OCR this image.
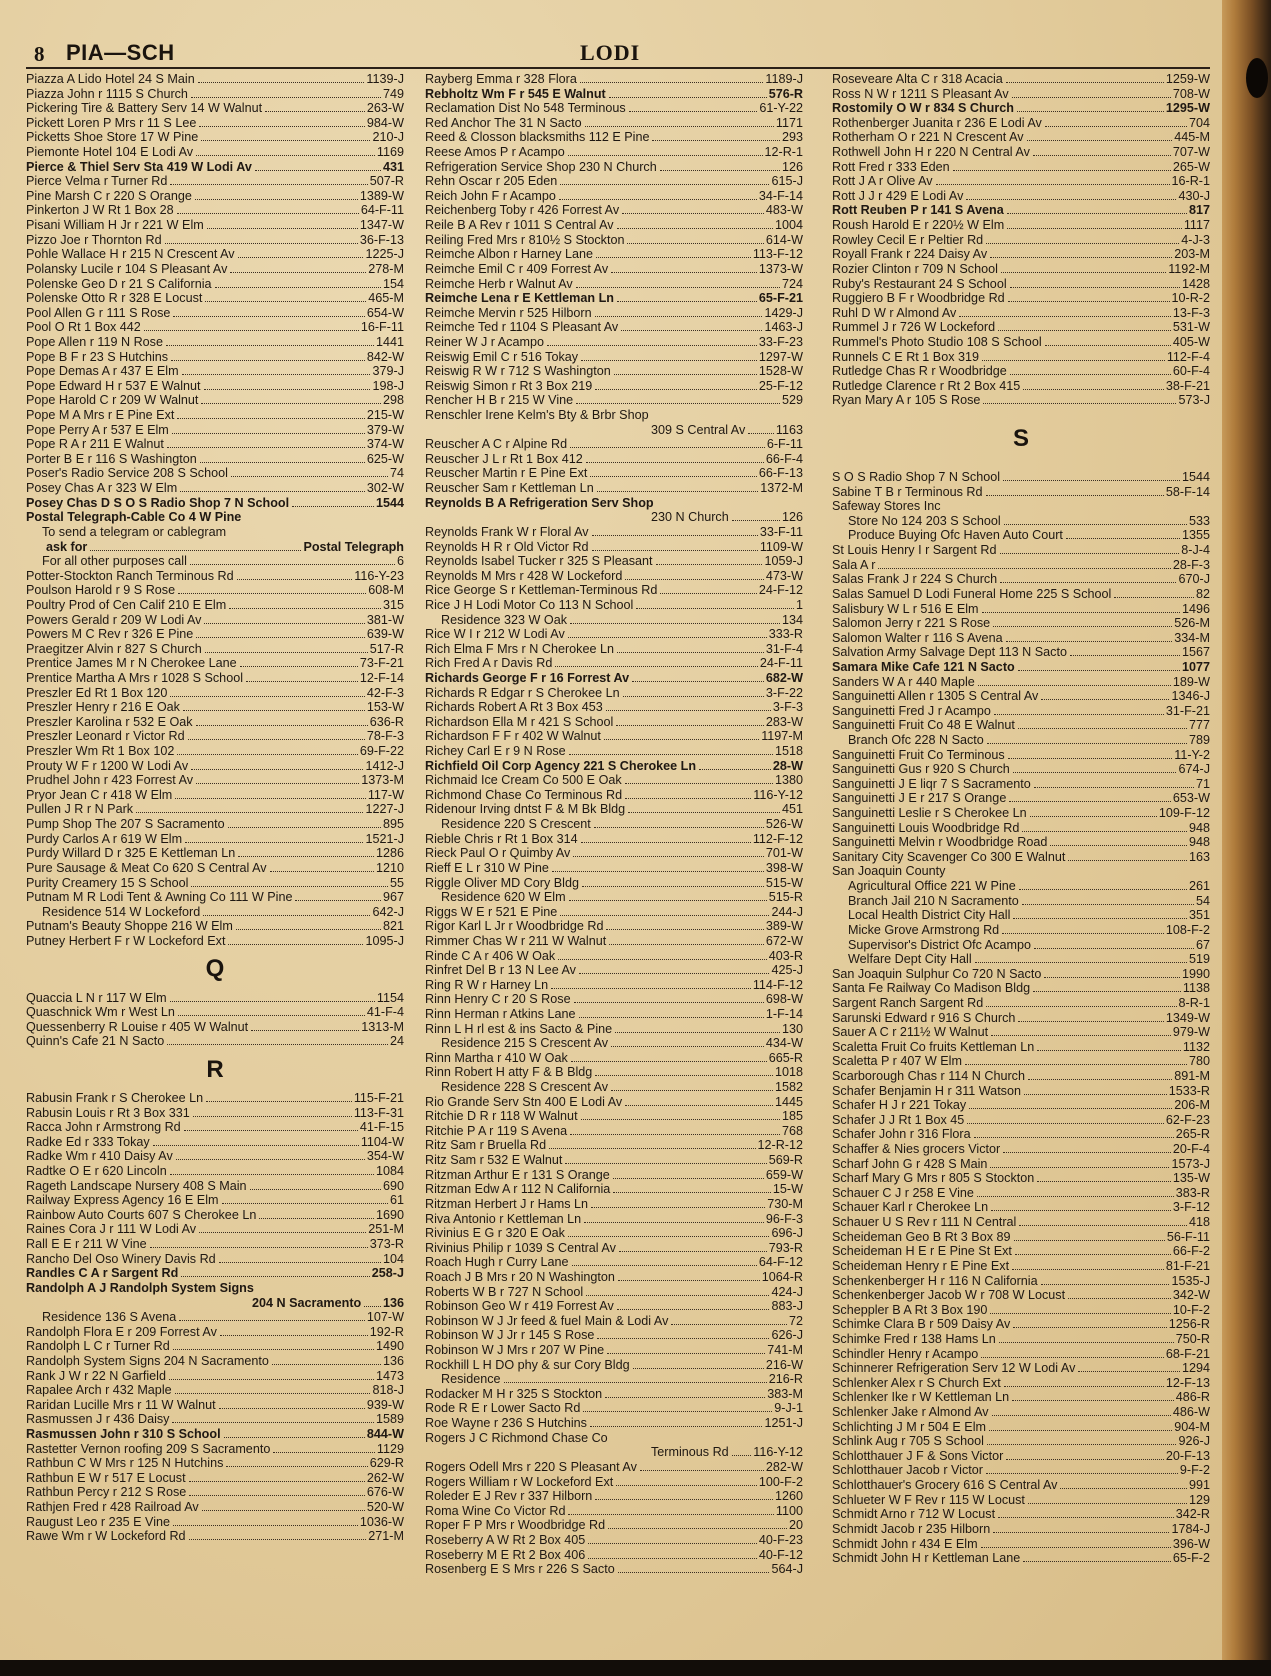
8 PIA—SCH	LODI
Piazza A Lido Hotel 24 S Main	1139-J
Piazza John r 1115 S Church	749
Pickering Tire & Battery Serv 14 W Walnut	263-W
Pickett Loren P Mrs r 11 S Lee	984-W
Picketts Shoe Store 17 W Pine	210-J
Piemonte Hotel 104 E Lodi Av	1169
Pierce & Thiel Serv Sta 419 W Lodi Av	431
Pierce Velma r Turner Rd	507-R
Pine Marsh C r 220 S Orange	1389-W
Pinkerton J W Rt 1 Box 28	64-F-11
Pisani William H Jr r 221 W Elm	1347-W
Pizzo Joe r Thornton Rd	36-F-13
Pohle Wallace H r 215 N Crescent Av	1225-J
Polansky Lucile r 104 S Pleasant Av	278-M
Polenske Geo D r 21 S California	154
Polenske Otto R r 328 E Locust	465-M
Pool Allen G r 111 S Rose	654-W
Pool O Rt 1 Box 442	16-F-11
Pope Allen r 119 N Rose	1441
Pope B F r 23 S Hutchins	842-W
Pope Demas A r 437 E Elm	379-J
Pope Edward H r 537 E Walnut	198-J
Pope Harold C r 209 W Walnut	298
Pope M A Mrs r E Pine Ext	215-W
Pope Perry A r 537 E Elm	379-W
Pope R A r 211 E Walnut	374-W
Porter B E r 116 S Washington	625-W
Poser's Radio Service 208 S School	74
Posey Chas A r 323 W Elm	302-W
Posey Chas D S O S Radio Shop 7 N School	1544
Postal Telegraph-Cable Co 4 W Pine
To send a telegram or cablegram
ask for	Postal Telegraph
For all other purposes call	6
Potter-Stockton Ranch Terminous Rd	116-Y-23
Poulson Harold r 9 S Rose	608-M
Poultry Prod of Cen Calif 210 E Elm	315
Powers Gerald r 209 W Lodi Av	381-W
Powers M C Rev r 326 E Pine	639-W
Praegitzer Alvin r 827 S Church	517-R
Prentice James M r N Cherokee Lane	73-F-21
Prentice Martha A Mrs r 1028 S School	12-F-14
Preszler Ed Rt 1 Box 120	42-F-3
Preszler Henry r 216 E Oak	153-W
Preszler Karolina r 532 E Oak	636-R
Preszler Leonard r Victor Rd	78-F-3
Preszler Wm Rt 1 Box 102	69-F-22
Prouty W F r 1200 W Lodi Av	1412-J
Prudhel John r 423 Forrest Av	1373-M
Pryor Jean C r 418 W Elm	117-W
Pullen J R r N Park	1227-J
Pump Shop The 207 S Sacramento	895
Purdy Carlos A r 619 W Elm	1521-J
Purdy Willard D r 325 E Kettleman Ln	1286
Pure Sausage & Meat Co 620 S Central Av	1210
Purity Creamery 15 S School	55
Putnam M R Lodi Tent & Awning Co 111 W Pine	967
Residence 514 W Lockeford	642-J
Putnam's Beauty Shoppe 216 W Elm	821
Putney Herbert F r W Lockeford Ext	1095-J
Q
Quaccia L N r 117 W Elm	1154
Quaschnick Wm r West Ln	41-F-4
Quessenberry R Louise r 405 W Walnut	1313-M
Quinn's Cafe 21 N Sacto	24
R
Rabusin Frank r S Cherokee Ln	115-F-21
Rabusin Louis r Rt 3 Box 331	113-F-31
Racca John r Armstrong Rd	41-F-15
Radke Ed r 333 Tokay	1104-W
Radke Wm r 410 Daisy Av	354-W
Radtke O E r 620 Lincoln	1084
Rageth Landscape Nursery 408 S Main	690
Railway Express Agency 16 E Elm	61
Rainbow Auto Courts 607 S Cherokee Ln	1690
Raines Cora J r 111 W Lodi Av	251-M
Rall E E r 211 W Vine	373-R
Rancho Del Oso Winery Davis Rd	104
Randles C A r Sargent Rd	258-J
Randolph A J Randolph System Signs
204 N Sacramento 136
Residence 136 S Avena	107-W
Randolph Flora E r 209 Forrest Av	192-R
Randolph L C r Turner Rd	1490
Randolph System Signs 204 N Sacramento	136
Rank J W r 22 N Garfield	1473
Rapalee Arch r 432 Maple	818-J
Raridan Lucille Mrs r 11 W Walnut	939-W
Rasmussen J r 436 Daisy	1589
Rasmussen John r 310 S School	844-W
Rastetter Vernon roofing 209 S Sacramento	1129
Rathbun C W Mrs r 125 N Hutchins	629-R
Rathbun E W r 517 E Locust	262-W
Rathbun Percy r 212 S Rose	676-W
Rathjen Fred r 428 Railroad Av	520-W
Raugust Leo r 235 E Vine	1036-W
Rawe Wm r W Lockeford Rd	271-M
Rayberg Emma r 328 Flora	1189-J
Rebholtz Wm F r 545 E Walnut	576-R
Reclamation Dist No 548 Terminous	61-Y-22
Red Anchor The 31 N Sacto	1171
Reed & Closson blacksmiths 112 E Pine	293
Reese Amos P r Acampo	12-R-1
Refrigeration Service Shop 230 N Church	126
Rehn Oscar r 205 Eden	615-J
Reich John F r Acampo	34-F-14
Reichenberg Toby r 426 Forrest Av	483-W
Reile B A Rev r 1011 S Central Av	1004
Reiling Fred Mrs r 810½ S Stockton	614-W
Reimche Albon r Harney Lane	113-F-12
Reimche Emil C r 409 Forrest Av	1373-W
Reimche Herb r Walnut Av	724
Reimche Lena r E Kettleman Ln	65-F-21
Reimche Mervin r 525 Hilborn	1429-J
Reimche Ted r 1104 S Pleasant Av	1463-J
Reiner W J r Acampo	33-F-23
Reiswig Emil C r 516 Tokay	1297-W
Reiswig R W r 712 S Washington	1528-W
Reiswig Simon r Rt 3 Box 219	25-F-12
Rencher H B r 215 W Vine	529
Renschler Irene Kelm's Bty & Brbr Shop
309 S Central Av 1163
Reuscher A C r Alpine Rd	6-F-11
Reuscher J L r Rt 1 Box 412	66-F-4
Reuscher Martin r E Pine Ext	66-F-13
Reuscher Sam r Kettleman Ln	1372-M
Reynolds B A Refrigeration Serv Shop
230 N Church	126
Reynolds Frank W r Floral Av	33-F-11
Reynolds H R r Old Victor Rd	1109-W
Reynolds Isabel Tucker r 325 S Pleasant	1059-J
Reynolds M Mrs r 428 W Lockeford	473-W
Rice George S r Kettleman-Terminous Rd	24-F-12
Rice J H Lodi Motor Co 113 N School	1
Residence 323 W Oak	134
Rice W I r 212 W Lodi Av	333-R
Rich Elma F Mrs r N Cherokee Ln	31-F-4
Rich Fred A r Davis Rd	24-F-11
Richards George F r 16 Forrest Av	682-W
Richards R Edgar r S Cherokee Ln	3-F-22
Richards Robert A Rt 3 Box 453	3-F-3
Richardson Ella M r 421 S School	283-W
Richardson F F r 402 W Walnut	1197-M
Richey Carl E r 9 N Rose	1518
Richfield Oil Corp Agency 221 S Cherokee Ln	28-W
Richmaid Ice Cream Co 500 E Oak	1380
Richmond Chase Co Terminous Rd	116-Y-12
Ridenour Irving dntst F & M Bk Bldg	451
Residence 220 S Crescent	526-W
Rieble Chris r Rt 1 Box 314	112-F-12
Rieck Paul O r Quimby Av	701-W
Rieff E L r 310 W Pine	398-W
Riggle Oliver MD Cory Bldg	515-W
Residence 620 W Elm	515-R
Riggs W E r 521 E Pine	244-J
Rigor Karl L Jr r Woodbridge Rd	389-W
Rimmer Chas W r 211 W Walnut	672-W
Rinde C A r 406 W Oak	403-R
Rinfret Del B r 13 N Lee Av	425-J
Ring R W r Harney Ln	114-F-12
Rinn Henry C r 20 S Rose	698-W
Rinn Herman r Atkins Lane	1-F-14
Rinn L H rl est & ins Sacto & Pine	130
Residence 215 S Crescent Av	434-W
Rinn Martha r 410 W Oak	665-R
Rinn Robert H atty F & B Bldg	1018
Residence 228 S Crescent Av	1582
Rio Grande Serv Stn 400 E Lodi Av	1445
Ritchie D R r 118 W Walnut	185
Ritchie P A r 119 S Avena	768
Ritz Sam r Bruella Rd	12-R-12
Ritz Sam r 532 E Walnut	569-R
Ritzman Arthur E r 131 S Orange	659-W
Ritzman Edw A r 112 N California	15-W
Ritzman Herbert J r Hams Ln	730-M
Riva Antonio r Kettleman Ln	96-F-3
Rivinius E G r 320 E Oak	696-J
Rivinius Philip r 1039 S Central Av	793-R
Roach Hugh r Curry Lane	64-F-12
Roach J B Mrs r 20 N Washington	1064-R
Roberts W B r 727 N School	424-J
Robinson Geo W r 419 Forrest Av	883-J
Robinson W J Jr feed & fuel Main & Lodi Av	72
Robinson W J Jr r 145 S Rose	626-J
Robinson W J Mrs r 207 W Pine	741-M
Rockhill L H DO phy & sur Cory Bldg	216-W
Residence	216-R
Rodacker M H r 325 S Stockton	383-M
Rode R E r Lower Sacto Rd	9-J-1
Roe Wayne r 236 S Hutchins	1251-J
Rogers J C Richmond Chase Co
Terminous Rd 116-Y-12
Rogers Odell Mrs r 220 S Pleasant Av	282-W
Rogers William r W Lockeford Ext	100-F-2
Roleder E J Rev r 337 Hilborn	1260
Roma Wine Co Victor Rd	1100
Roper F P Mrs r Woodbridge Rd	20
Roseberry A W Rt 2 Box 405	40-F-23
Roseberry M E Rt 2 Box 406	40-F-12
Rosenberg E S Mrs r 226 S Sacto	564-J
Roseveare Alta C r 318 Acacia	1259-W
Ross N W r 1211 S Pleasant Av	708-W
Rostomily O W r 834 S Church	1295-W
Rothenberger Juanita r 236 E Lodi Av	704
Rotherham O r 221 N Crescent Av	445-M
Rothwell John H r 220 N Central Av	707-W
Rott Fred r 333 Eden	265-W
Rott J A r Olive Av	16-R-1
Rott J J r 429 E Lodi Av	430-J
Rott Reuben P r 141 S Avena	817
Roush Harold E r 220½ W Elm	1117
Rowley Cecil E r Peltier Rd	4-J-3
Royall Frank r 224 Daisy Av	203-M
Rozier Clinton r 709 N School	1192-M
Ruby's Restaurant 24 S School	1428
Ruggiero B F r Woodbridge Rd	10-R-2
Ruhl D W r Almond Av	13-F-3
Rummel J r 726 W Lockeford	531-W
Rummel's Photo Studio 108 S School	405-W
Runnels C E Rt 1 Box 319	112-F-4
Rutledge Chas R r Woodbridge	60-F-4
Rutledge Clarence r Rt 2 Box 415	38-F-21
Ryan Mary A r 105 S Rose	573-J
S
S O S Radio Shop 7 N School	1544
Sabine T B r Terminous Rd	58-F-14
Safeway Stores Inc
Store No 124 203 S School	533
Produce Buying Ofc Haven Auto Court	1355
St Louis Henry I r Sargent Rd	8-J-4
Sala A r	28-F-3
Salas Frank J r 224 S Church	670-J
Salas Samuel D Lodi Funeral Home 225 S School	82
Salisbury W L r 516 E Elm	1496
Salomon Jerry r 221 S Rose	526-M
Salomon Walter r 116 S Avena	334-M
Salvation Army Salvage Dept 113 N Sacto	1567
Samara Mike Cafe 121 N Sacto	1077
Sanders W A r 440 Maple	189-W
Sanguinetti Allen r 1305 S Central Av	1346-J
Sanguinetti Fred J r Acampo	31-F-21
Sanguinetti Fruit Co 48 E Walnut	777
Branch Ofc 228 N Sacto	789
Sanguinetti Fruit Co Terminous	11-Y-2
Sanguinetti Gus r 920 S Church	674-J
Sanguinetti J E liqr 7 S Sacramento	71
Sanguinetti J E r 217 S Orange	653-W
Sanguinetti Leslie r S Cherokee Ln	109-F-12
Sanguinetti Louis Woodbridge Rd	948
Sanguinetti Melvin r Woodbridge Road	948
Sanitary City Scavenger Co 300 E Walnut	163
San Joaquin County
Agricultural Office 221 W Pine	261
Branch Jail 210 N Sacramento	54
Local Health District City Hall	351
Micke Grove Armstrong Rd	108-F-2
Supervisor's District Ofc Acampo	67
Welfare Dept City Hall	519
San Joaquin Sulphur Co 720 N Sacto	1990
Santa Fe Railway Co Madison Bldg	1138
Sargent Ranch Sargent Rd	8-R-1
Sarunski Edward r 916 S Church	1349-W
Sauer A C r 211½ W Walnut	979-W
Scaletta Fruit Co fruits Kettleman Ln	1132
Scaletta P r 407 W Elm	780
Scarborough Chas r 114 N Church	891-M
Schafer Benjamin H r 311 Watson	1533-R
Schafer H J r 221 Tokay	206-M
Schafer J J Rt 1 Box 45	62-F-23
Schafer John r 316 Flora	265-R
Schaffer & Nies grocers Victor	20-F-4
Scharf John G r 428 S Main	1573-J
Scharf Mary G Mrs r 805 S Stockton	135-W
Schauer C J r 258 E Vine	383-R
Schauer Karl r Cherokee Ln	3-F-12
Schauer U S Rev r 111 N Central	418
Scheideman Geo B Rt 3 Box 89	56-F-11
Scheideman H E r E Pine St Ext	66-F-2
Scheideman Henry r E Pine Ext	81-F-21
Schenkenberger H r 116 N California	1535-J
Schenkenberger Jacob W r 708 W Locust	342-W
Scheppler B A Rt 3 Box 190	10-F-2
Schimke Clara B r 509 Daisy Av	1256-R
Schimke Fred r 138 Hams Ln	750-R
Schindler Henry r Acampo	68-F-21
Schinnerer Refrigeration Serv 12 W Lodi Av	1294
Schlenker Alex r S Church Ext	12-F-13
Schlenker Ike r W Kettleman Ln	486-R
Schlenker Jake r Almond Av	486-W
Schlichting J M r 504 E Elm	904-M
Schlink Aug r 705 S School	926-J
Schlotthauer J F & Sons Victor	20-F-13
Schlotthauer Jacob r Victor	9-F-2
Schlotthauer's Grocery 616 S Central Av	991
Schlueter W F Rev r 115 W Locust	129
Schmidt Arno r 712 W Locust	342-R
Schmidt Jacob r 235 Hilborn	1784-J
Schmidt John r 434 E Elm	396-W
Schmidt John H r Kettleman Lane	65-F-2
